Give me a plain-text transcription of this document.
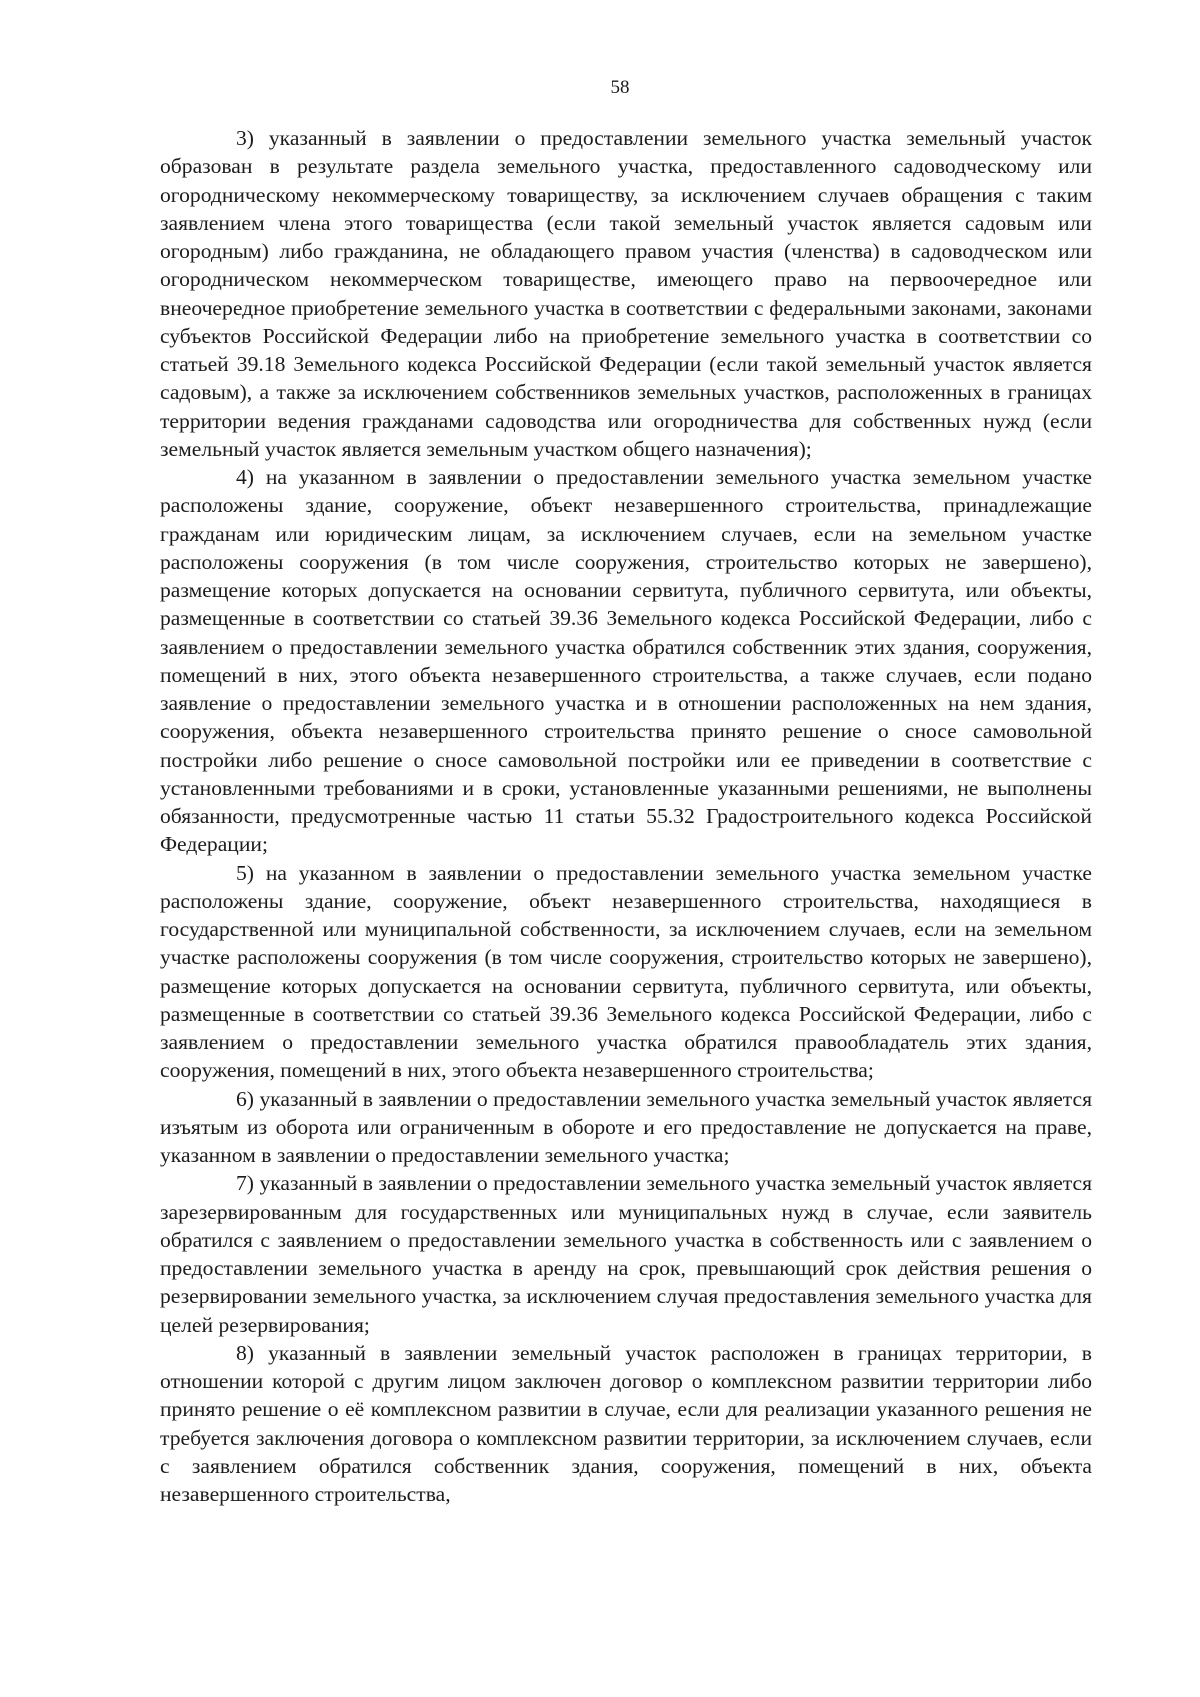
58

3) указанный в заявлении о предоставлении земельного участка земельный участок образован в результате раздела земельного участка, предоставленного садоводческому или огородническому некоммерческому товариществу, за исключением случаев обращения с таким заявлением члена этого товарищества (если такой земельный участок является садовым или огородным) либо гражданина, не обладающего правом участия (членства) в садоводческом или огородническом некоммерческом товариществе, имеющего право на первоочередное или внеочередное приобретение земельного участка в соответствии с федеральными законами, законами субъектов Российской Федерации либо на приобретение земельного участка в соответствии со статьей 39.18 Земельного кодекса Российской Федерации (если такой земельный участок является садовым), а также за исключением собственников земельных участков, расположенных в границах территории ведения гражданами садоводства или огородничества для собственных нужд (если земельный участок является земельным участком общего назначения);

4) на указанном в заявлении о предоставлении земельного участка земельном участке расположены здание, сооружение, объект незавершенного строительства, принадлежащие гражданам или юридическим лицам, за исключением случаев, если на земельном участке расположены сооружения (в том числе сооружения, строительство которых не завершено), размещение которых допускается на основании сервитута, публичного сервитута, или объекты, размещенные в соответствии со статьей 39.36 Земельного кодекса Российской Федерации, либо с заявлением о предоставлении земельного участка обратился собственник этих здания, сооружения, помещений в них, этого объекта незавершенного строительства, а также случаев, если подано заявление о предоставлении земельного участка и в отношении расположенных на нем здания, сооружения, объекта незавершенного строительства принято решение о сносе самовольной постройки либо решение о сносе самовольной постройки или ее приведении в соответствие с установленными требованиями и в сроки, установленные указанными решениями, не выполнены обязанности, предусмотренные частью 11 статьи 55.32 Градостроительного кодекса Российской Федерации;

5) на указанном в заявлении о предоставлении земельного участка земельном участке расположены здание, сооружение, объект незавершенного строительства, находящиеся в государственной или муниципальной собственности, за исключением случаев, если на земельном участке расположены сооружения (в том числе сооружения, строительство которых не завершено), размещение которых допускается на основании сервитута, публичного сервитута, или объекты, размещенные в соответствии со статьей 39.36 Земельного кодекса Российской Федерации, либо с заявлением о предоставлении земельного участка обратился правообладатель этих здания, сооружения, помещений в них, этого объекта незавершенного строительства;

6) указанный в заявлении о предоставлении земельного участка земельный участок является изъятым из оборота или ограниченным в обороте и его предоставление не допускается на праве, указанном в заявлении о предоставлении земельного участка;

7) указанный в заявлении о предоставлении земельного участка земельный участок является зарезервированным для государственных или муниципальных нужд в случае, если заявитель обратился с заявлением о предоставлении земельного участка в собственность или с заявлением о предоставлении земельного участка в аренду на срок, превышающий срок действия решения о резервировании земельного участка, за исключением случая предоставления земельного участка для целей резервирования;

8) указанный в заявлении земельный участок расположен в границах территории, в отношении которой с другим лицом заключен договор о комплексном развитии территории либо принято решение о её комплексном развитии в случае, если для реализации указанного решения не требуется заключения договора о комплексном развитии территории, за исключением случаев, если с заявлением обратился собственник здания, сооружения, помещений в них, объекта незавершенного строительства,
